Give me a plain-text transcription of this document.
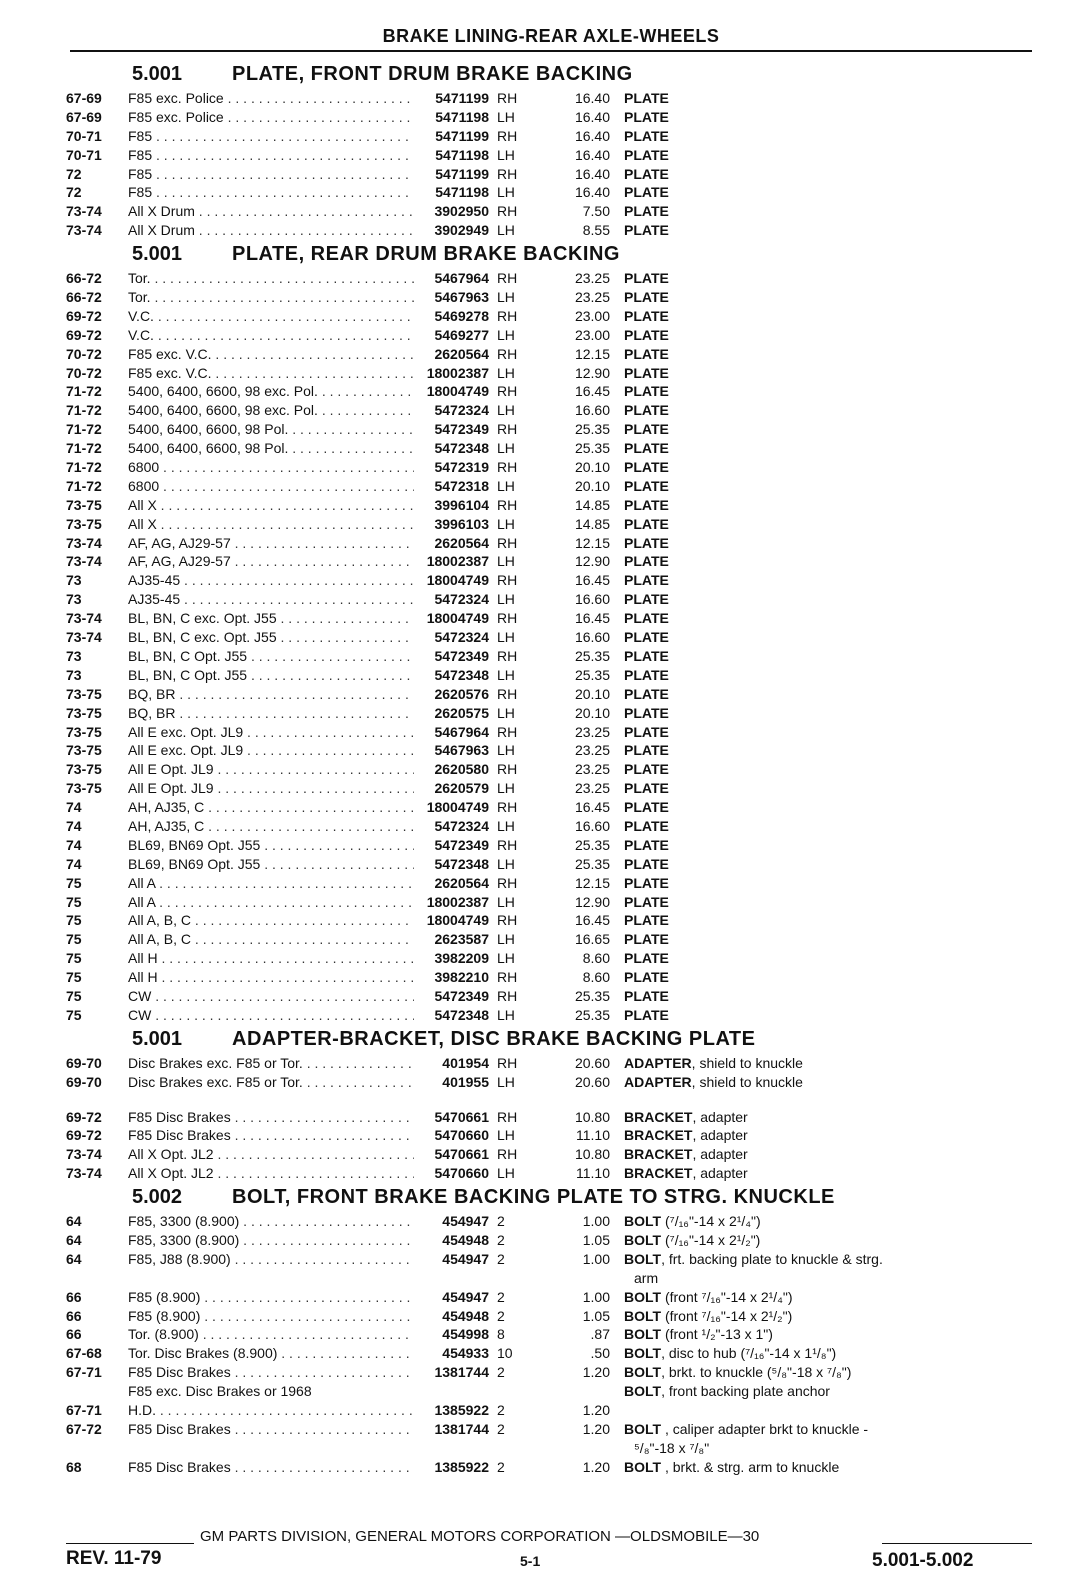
BRAKE LINING-REAR AXLE-WHEELS
5.001	PLATE, FRONT DRUM BRAKE BACKING
67-69	F85 exc. Police . . .	5471199 RH	16.40	PLATE
67-69	F85 exc. Police . . .	5471198 LH	16.40	PLATE
70-71	F85 . . .	5471199 RH	16.40	PLATE
70-71	F85 . . .	5471198 LH	16.40	PLATE
72	F85 . . .	5471199 RH	16.40	PLATE
72	F85 . . .	5471198 LH	16.40	PLATE
73-74	All X Drum . . .	3902950 RH	7.50	PLATE
73-74	All X Drum . . .	3902949 LH	8.55	PLATE
5.001	PLATE, REAR DRUM BRAKE BACKING
66-72	Tor. . . .	5467964 RH	23.25	PLATE
66-72	Tor. . . .	5467963 LH	23.25	PLATE
69-72	V.C. . . .	5469278 RH	23.00	PLATE
69-72	V.C. . . .	5469277 LH	23.00	PLATE
70-72	F85 exc. V.C. . . .	2620564 RH	12.15	PLATE
70-72	F85 exc. V.C. . . .	18002387 LH	12.90	PLATE
71-72	5400, 6400, 6600, 98 exc. Pol. . . .	18004749 RH	16.45	PLATE
71-72	5400, 6400, 6600, 98 exc. Pol. . . .	5472324 LH	16.60	PLATE
71-72	5400, 6400, 6600, 98 Pol. . . .	5472349 RH	25.35	PLATE
71-72	5400, 6400, 6600, 98 Pol. . . .	5472348 LH	25.35	PLATE
71-72	6800 . . .	5472319 RH	20.10	PLATE
71-72	6800 . . .	5472318 LH	20.10	PLATE
73-75	All X . . .	3996104 RH	14.85	PLATE
73-75	All X . . .	3996103 LH	14.85	PLATE
73-74	AF, AG, AJ29-57 . . .	2620564 RH	12.15	PLATE
73-74	AF, AG, AJ29-57 . . .	18002387 LH	12.90	PLATE
73	AJ35-45 . . .	18004749 RH	16.45	PLATE
73	AJ35-45 . . .	5472324 LH	16.60	PLATE
73-74	BL, BN, C exc. Opt. J55 . . .	18004749 RH	16.45	PLATE
73-74	BL, BN, C exc. Opt. J55 . . .	5472324 LH	16.60	PLATE
73	BL, BN, C Opt. J55 . . .	5472349 RH	25.35	PLATE
73	BL, BN, C Opt. J55 . . .	5472348 LH	25.35	PLATE
73-75	BQ, BR . . .	2620576 RH	20.10	PLATE
73-75	BQ, BR . . .	2620575 LH	20.10	PLATE
73-75	All E exc. Opt. JL9 . . .	5467964 RH	23.25	PLATE
73-75	All E exc. Opt. JL9 . . .	5467963 LH	23.25	PLATE
73-75	All E Opt. JL9 . . .	2620580 RH	23.25	PLATE
73-75	All E Opt. JL9 . . .	2620579 LH	23.25	PLATE
74	AH, AJ35, C . . .	18004749 RH	16.45	PLATE
74	AH, AJ35, C . . .	5472324 LH	16.60	PLATE
74	BL69, BN69 Opt. J55 . . .	5472349 RH	25.35	PLATE
74	BL69, BN69 Opt. J55 . . .	5472348 LH	25.35	PLATE
75	All A . . .	2620564 RH	12.15	PLATE
75	All A . . .	18002387 LH	12.90	PLATE
75	All A, B, C . . .	18004749 RH	16.45	PLATE
75	All A, B, C . . .	2623587 LH	16.65	PLATE
75	All H . . .	3982209 LH	8.60	PLATE
75	All H . . .	3982210 RH	8.60	PLATE
75	CW . . .	5472349 RH	25.35	PLATE
75	CW . . .	5472348 LH	25.35	PLATE
5.001	ADAPTER-BRACKET, DISC BRAKE BACKING PLATE
69-70	Disc Brakes exc. F85 or Tor. . . .	401954 RH	20.60	ADAPTER, shield to knuckle
69-70	Disc Brakes exc. F85 or Tor. . . .	401955 LH	20.60	ADAPTER, shield to knuckle
69-72	F85 Disc Brakes . . .	5470661 RH	10.80	BRACKET, adapter
69-72	F85 Disc Brakes . . .	5470660 LH	11.10	BRACKET, adapter
73-74	All X Opt. JL2 . . .	5470661 RH	10.80	BRACKET, adapter
73-74	All X Opt. JL2 . . .	5470660 LH	11.10	BRACKET, adapter
5.002	BOLT, FRONT BRAKE BACKING PLATE TO STRG. KNUCKLE
64	F85, 3300 (8.900) . . .	454947 2	1.00	BOLT (⁷/₁₆"-14 x 2¹/₄")
64	F85, 3300 (8.900) . . .	454948 2	1.05	BOLT (⁷/₁₆"-14 x 2¹/₂")
64	F85, J88 (8.900) . . .	454947 2	1.00	BOLT, frt. backing plate to knuckle & strg.
arm
66	F85 (8.900) . . .	454947 2	1.00	BOLT (front ⁷/₁₆"-14 x 2¹/₄")
66	F85 (8.900) . . .	454948 2	1.05	BOLT (front ⁷/₁₆"-14 x 2¹/₂")
66	Tor. (8.900) . . .	454998 8	.87	BOLT (front ¹/₂"-13 x 1")
67-68	Tor. Disc Brakes (8.900) . . .	454933 10	.50	BOLT, disc to hub (⁷/₁₆"-14 x 1¹/₈")
67-71	F85 Disc Brakes . . .	1381744 2	1.20	BOLT, brkt. to knuckle (⁵/₈"-18 x ⁷/₈")
67-71
F85 exc. Disc Brakes or 1968
H.D. . . .	1385922 2	1.20
BOLT, front backing plate anchor
67-72	F85 Disc Brakes . . .	1381744 2	1.20	BOLT , caliper adapter brkt to knuckle -
⁵/₈"-18 x ⁷/₈"
68	F85 Disc Brakes . . .	1385922 2	1.20	BOLT , brkt. & strg. arm to knuckle
GM PARTS DIVISION, GENERAL MOTORS CORPORATION —OLDSMOBILE—30
REV. 11-79	5-1	5.001-5.002
